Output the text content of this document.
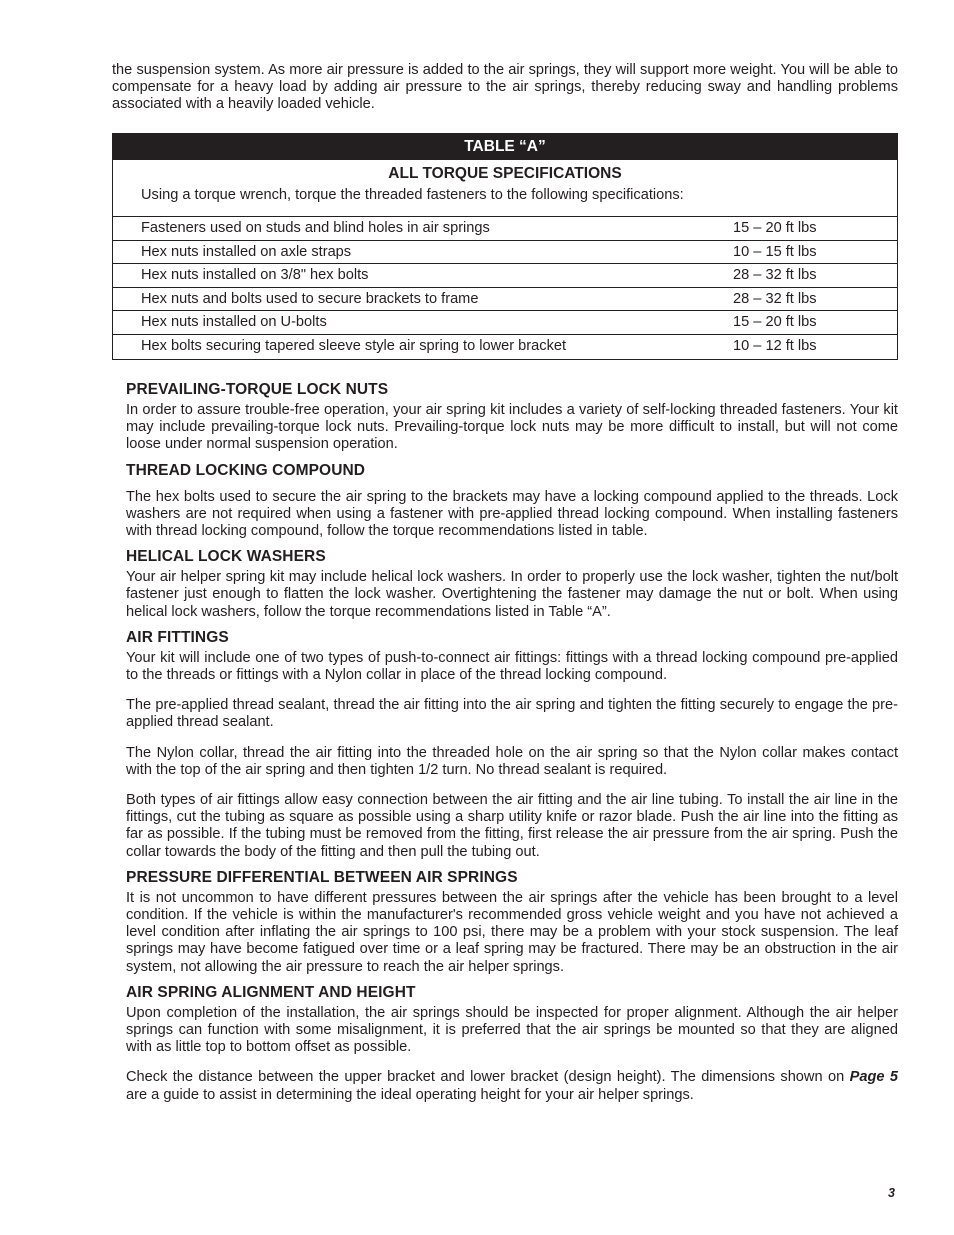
the suspension system. As more air pressure is added to the air springs, they will support more weight. You will be able to compensate for a heavy load by adding air pressure to the air springs, thereby reducing sway and handling problems associated with a heavily loaded vehicle.

TABLE “A”
ALL TORQUE SPECIFICATIONS
Using a torque wrench, torque the threaded fasteners to the following specifications:
Fasteners used on studs and blind holes in air springs	15 – 20 ft lbs
Hex nuts installed on axle straps	10 – 15 ft lbs
Hex nuts installed on 3/8" hex bolts	28 – 32 ft lbs
Hex nuts and bolts used to secure brackets to frame	28 – 32 ft lbs
Hex nuts installed on U-bolts	15 – 20 ft lbs
Hex bolts securing tapered sleeve style air spring to lower bracket	10 – 12 ft lbs
PREVAILING-TORQUE LOCK NUTS

In order to assure trouble-free operation, your air spring kit includes a variety of self-locking threaded fasteners. Your kit may include prevailing-torque lock nuts. Prevailing-torque lock nuts may be more difficult to install, but will not come loose under normal suspension operation.

THREAD LOCKING COMPOUND

The hex bolts used to secure the air spring to the brackets may have a locking compound applied to the threads. Lock washers are not required when using a fastener with pre-applied thread locking compound. When installing fasteners with thread locking compound, follow the torque recommendations listed in table.

HELICAL LOCK WASHERS

Your air helper spring kit may include helical lock washers. In order to properly use the lock washer, tighten the nut/bolt fastener just enough to flatten the lock washer. Overtightening the fastener may damage the nut or bolt. When using helical lock washers, follow the torque recommendations listed in Table “A”.

AIR FITTINGS

Your kit will include one of two types of push-to-connect air fittings: fittings with a thread locking compound pre-applied to the threads or fittings with a Nylon collar in place of the thread locking compound.

The pre-applied thread sealant, thread the air fitting into the air spring and tighten the fitting securely to engage the pre-applied thread sealant.

The Nylon collar, thread the air fitting into the threaded hole on the air spring so that the Nylon collar makes contact with the top of the air spring and then tighten 1/2 turn. No thread sealant is required.

Both types of air fittings allow easy connection between the air fitting and the air line tubing. To install the air line in the fittings, cut the tubing as square as possible using a sharp utility knife or razor blade. Push the air line into the fitting as far as possible. If the tubing must be removed from the fitting, first release the air pressure from the air spring. Push the collar towards the body of the fitting and then pull the tubing out.

PRESSURE DIFFERENTIAL BETWEEN AIR SPRINGS

It is not uncommon to have different pressures between the air springs after the vehicle has been brought to a level condition. If the vehicle is within the manufacturer's recommended gross vehicle weight and you have not achieved a level condition after inflating the air springs to 100 psi, there may be a problem with your stock suspension. The leaf springs may have become fatigued over time or a leaf spring may be fractured. There may be an obstruction in the air system, not allowing the air pressure to reach the air helper springs.

AIR SPRING ALIGNMENT AND HEIGHT

Upon completion of the installation, the air springs should be inspected for proper alignment. Although the air helper springs can function with some misalignment, it is preferred that the air springs be mounted so that they are aligned with as little top to bottom offset as possible.

Check the distance between the upper bracket and lower bracket (design height). The dimensions shown on Page 5 are a guide to assist in determining the ideal operating height for your air helper springs.

3
